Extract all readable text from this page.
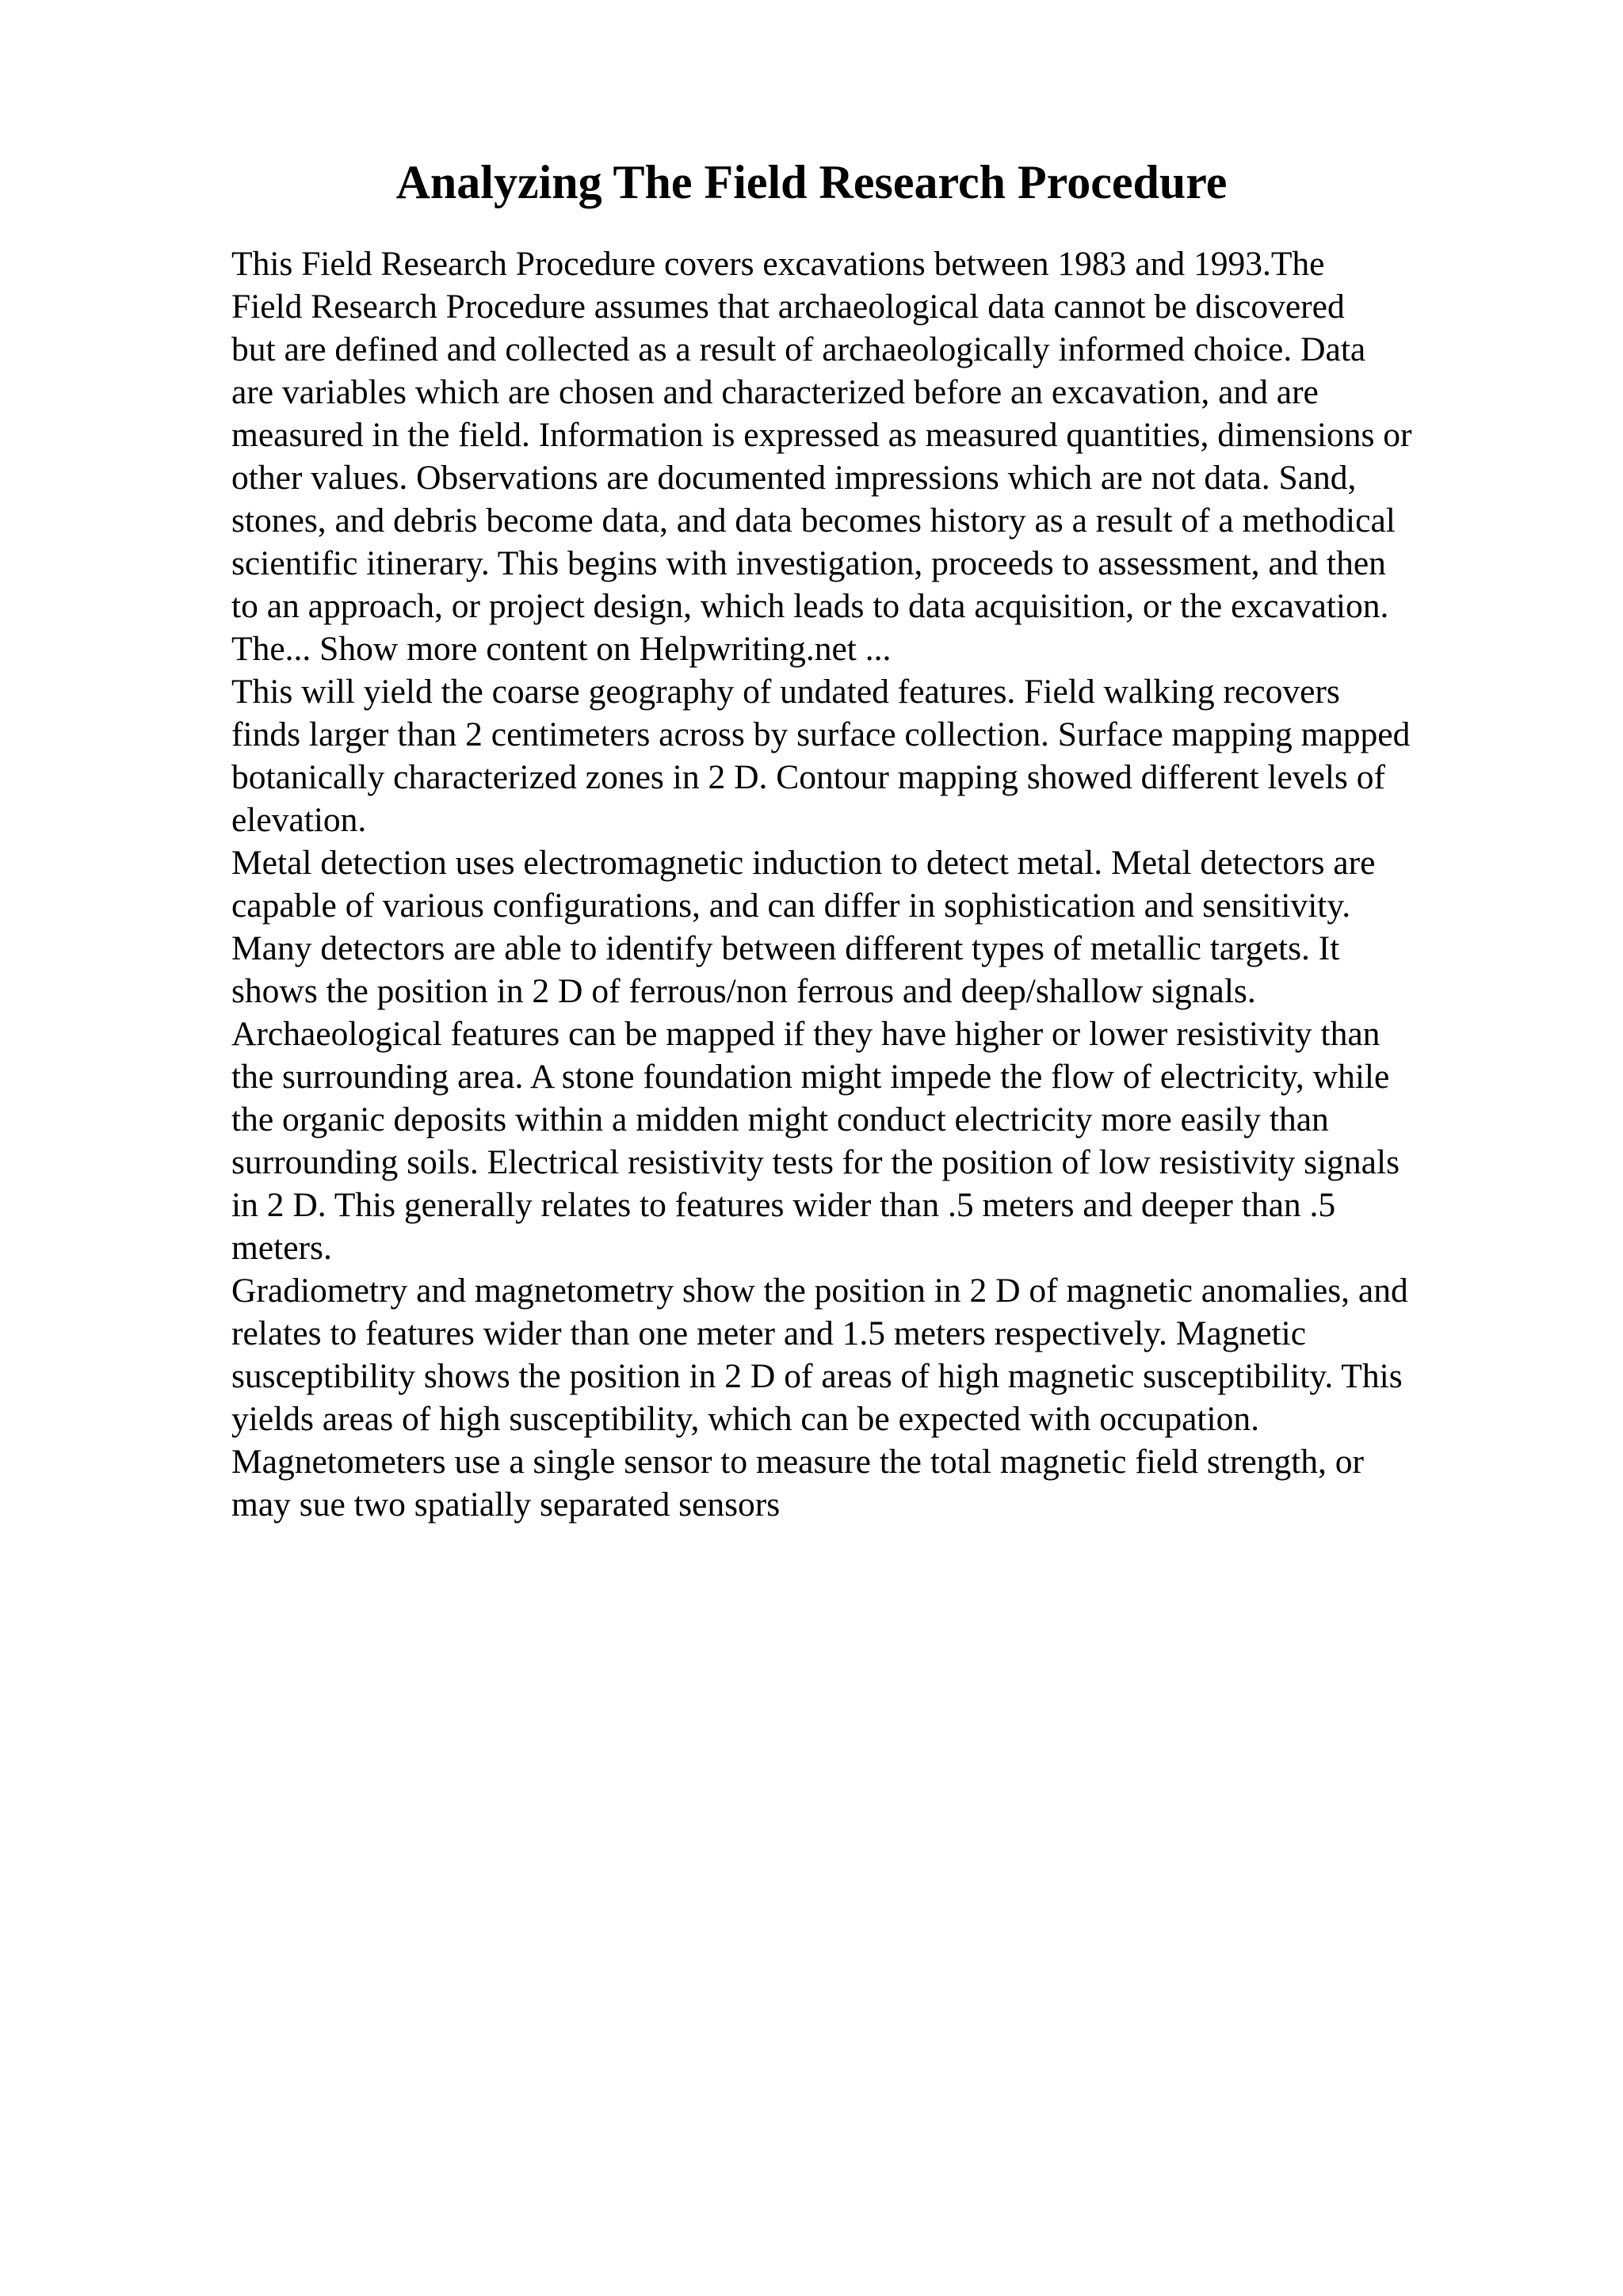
Analyzing The Field Research Procedure
This Field Research Procedure covers excavations between 1983 and 1993.The
Field Research Procedure assumes that archaeological data cannot be discovered
but are defined and collected as a result of archaeologically informed choice. Data
are variables which are chosen and characterized before an excavation, and are
measured in the field. Information is expressed as measured quantities, dimensions or
other values. Observations are documented impressions which are not data. Sand,
stones, and debris become data, and data becomes history as a result of a methodical
scientific itinerary. This begins with investigation, proceeds to assessment, and then
to an approach, or project design, which leads to data acquisition, or the excavation.
The... Show more content on Helpwriting.net ...
This will yield the coarse geography of undated features. Field walking recovers
finds larger than 2 centimeters across by surface collection. Surface mapping mapped
botanically characterized zones in 2 D. Contour mapping showed different levels of
elevation.
Metal detection uses electromagnetic induction to detect metal. Metal detectors are
capable of various configurations, and can differ in sophistication and sensitivity.
Many detectors are able to identify between different types of metallic targets. It
shows the position in 2 D of ferrous/non ferrous and deep/shallow signals.
Archaeological features can be mapped if they have higher or lower resistivity than
the surrounding area. A stone foundation might impede the flow of electricity, while
the organic deposits within a midden might conduct electricity more easily than
surrounding soils. Electrical resistivity tests for the position of low resistivity signals
in 2 D. This generally relates to features wider than .5 meters and deeper than .5
meters.
Gradiometry and magnetometry show the position in 2 D of magnetic anomalies, and
relates to features wider than one meter and 1.5 meters respectively. Magnetic
susceptibility shows the position in 2 D of areas of high magnetic susceptibility. This
yields areas of high susceptibility, which can be expected with occupation.
Magnetometers use a single sensor to measure the total magnetic field strength, or
may sue two spatially separated sensors
